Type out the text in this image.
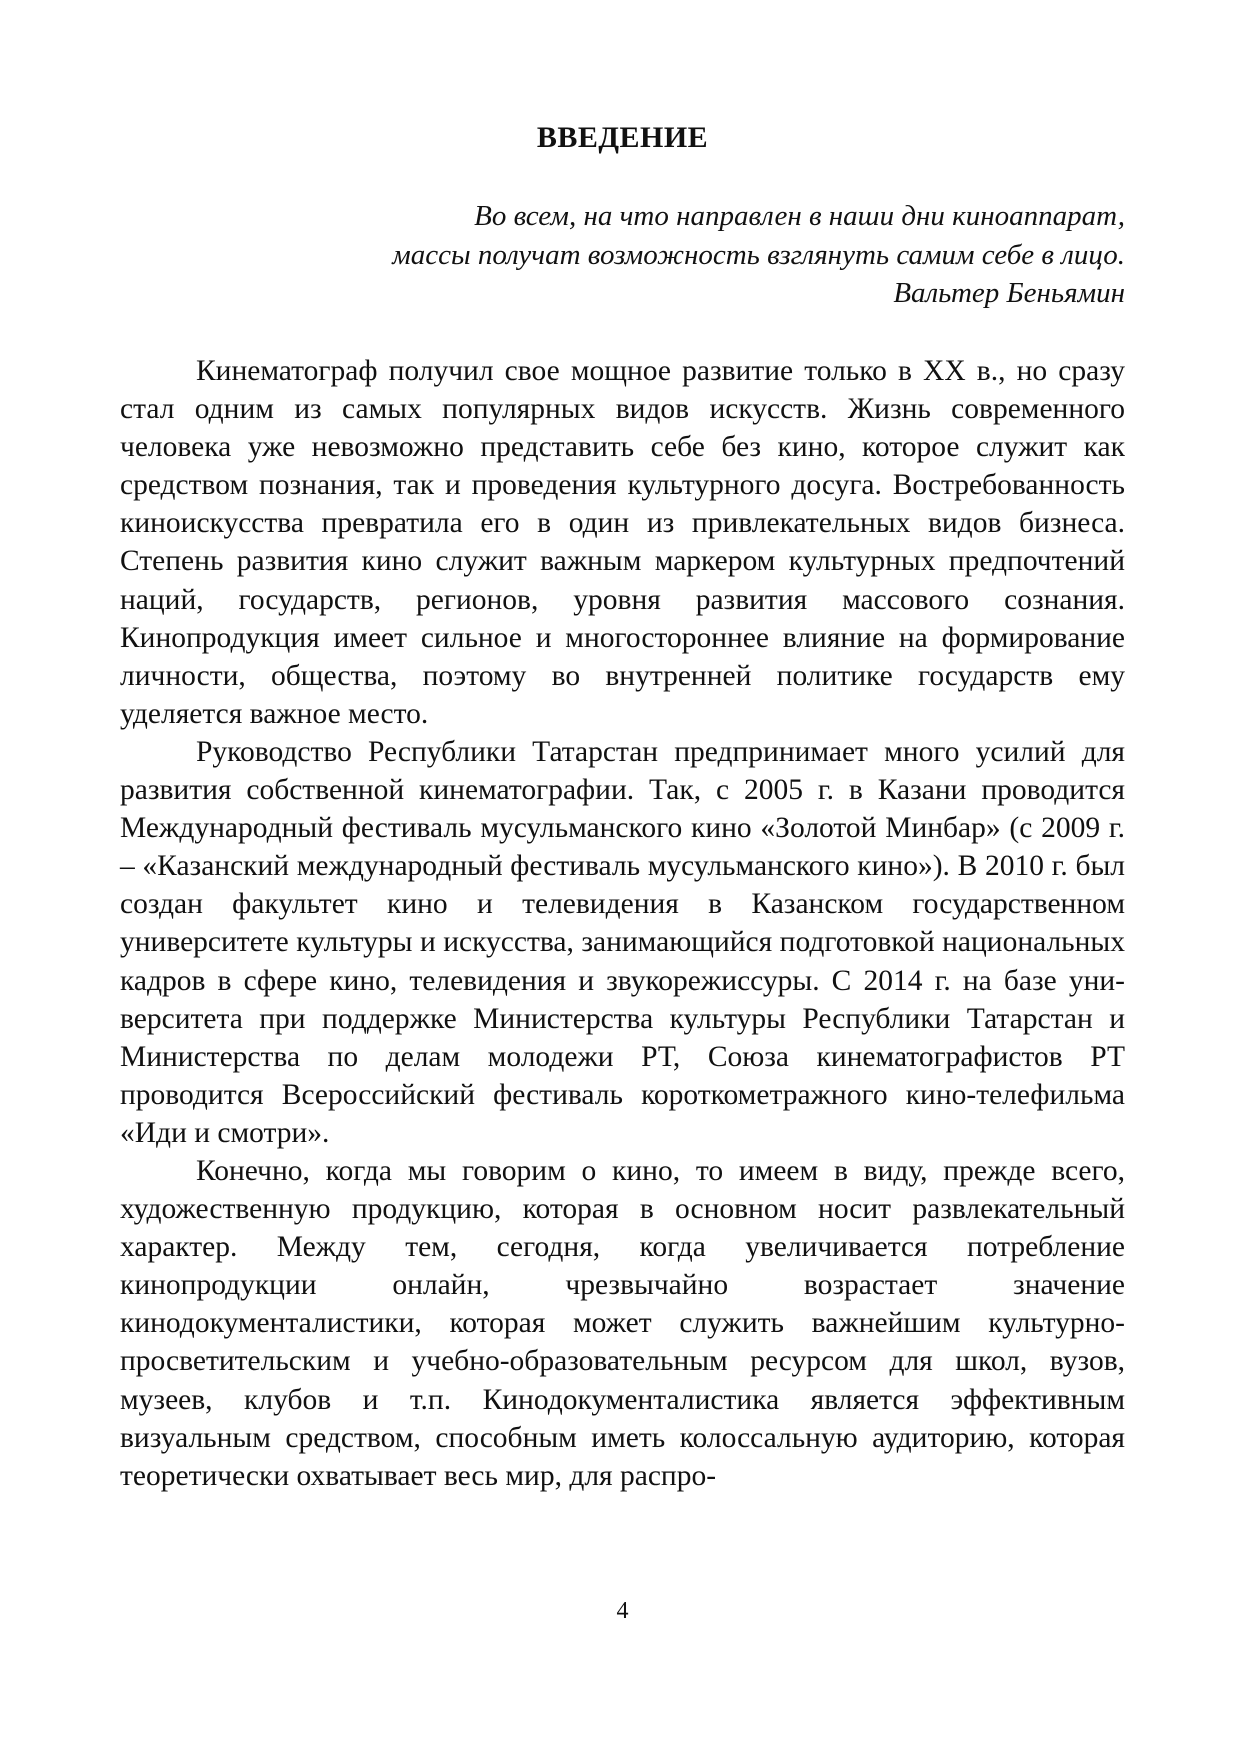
ВВЕДЕНИЕ
Во всем, на что направлен в наши дни киноаппарат,
массы получат возможность взглянуть самим себе в лицо.
Вальтер Беньямин

Кинематограф получил свое мощное развитие только в XX в., но сразу стал одним из самых популярных видов искусств. Жизнь современного человека уже невозможно представить себе без кино, которое служит как средством познания, так и проведения культурного досуга. Востребованность киноискусства превратила его в один из привлекательных видов бизнеса. Степень развития кино служит важным маркером культурных предпочтений наций, государств, регионов, уровня развития массового сознания. Кинопродукция имеет сильное и многостороннее влияние на формирование личности, общества, поэтому во внутренней политике государств ему уделяется важное место.

Руководство Республики Татарстан предпринимает много усилий для развития собственной кинематографии. Так, с 2005 г. в Казани проводится Международный фестиваль мусульманского кино «Золотой Минбар» (с 2009 г. – «Казанский международный фестиваль мусульманского кино»). В 2010 г. был создан факультет кино и телевидения в Казанском государственном университете культуры и искусства, занимающийся подготовкой национальных кадров в сфере кино, телевидения и звукорежиссуры. С 2014 г. на базе университета при поддержке Министерства культуры Республики Татарстан и Министерства по делам молодежи РТ, Союза кинематографистов РТ проводится Всероссийский фестиваль короткометражного кино-телефильма «Иди и смотри».

Конечно, когда мы говорим о кино, то имеем в виду, прежде всего, художественную продукцию, которая в основном носит развлекательный характер. Между тем, сегодня, когда увеличивается потребление кинопродукции онлайн, чрезвычайно возрастает значение кинодокументалистики, которая может служить важнейшим культурно-просветительским и учебно-образовательным ресурсом для школ, вузов, музеев, клубов и т.п. Кинодокументалистика является эффективным визуальным средством, способным иметь колоссальную аудиторию, которая теоретически охватывает весь мир, для распро-

4
